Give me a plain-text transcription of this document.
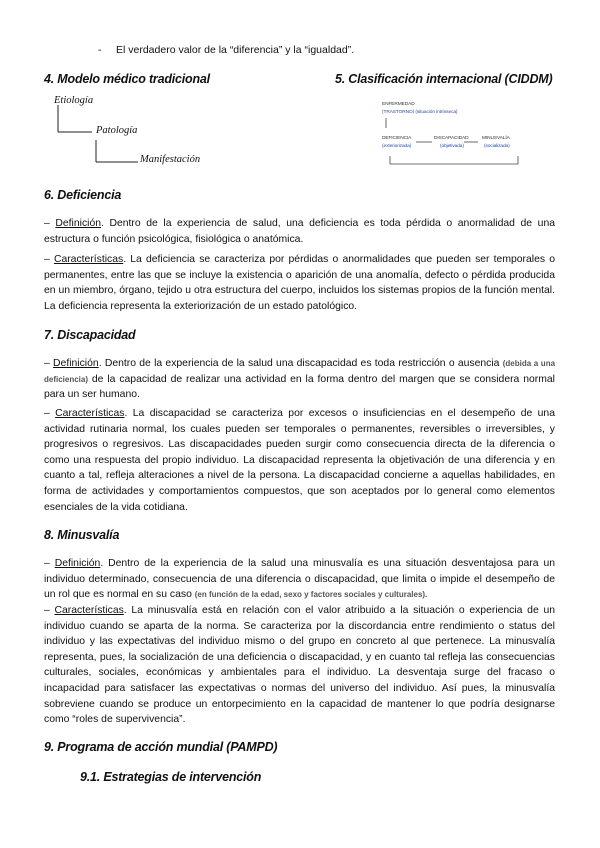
- El verdadero valor de la “diferencia” y la “igualdad”.
4. Modelo médico tradicional
Etiología
Patología
Manifestación
5. Clasificación internacional (CIDDM)
ENFERMEDAD
(TRASTORNO) (situación intrínseca)
DEFICIENCIA
(exteriorizada)
DISCAPACIDAD
(objetivada)
MINUSVALÍA
(socializada)
6. Deficiencia

– Definición. Dentro de la experiencia de salud, una deficiencia es toda pérdida o anormalidad de una estructura o función psicológica, fisiológica o anatómica.

– Características. La deficiencia se caracteriza por pérdidas o anormalidades que pueden ser temporales o permanentes, entre las que se incluye la existencia o aparición de una anomalía, defecto o pérdida producida en un miembro, órgano, tejido u otra estructura del cuerpo, incluidos los sistemas propios de la función mental. La deficiencia representa la exteriorización de un estado patológico.

7. Discapacidad

– Definición. Dentro de la experiencia de la salud una discapacidad es toda restricción o ausencia (debida a una deficiencia) de la capacidad de realizar una actividad en la forma dentro del margen que se considera normal para un ser humano.

– Características. La discapacidad se caracteriza por excesos o insuficiencias en el desempeño de una actividad rutinaria normal, los cuales pueden ser temporales o permanentes, reversibles o irreversibles, y progresivos o regresivos. Las discapacidades pueden surgir como consecuencia directa de la diferencia o como una respuesta del propio individuo. La discapacidad representa la objetivación de una diferencia y en cuanto a tal, refleja alteraciones a nivel de la persona. La discapacidad concierne a aquellas habilidades, en forma de actividades y comportamientos compuestos, que son aceptados por lo general como elementos esenciales de la vida cotidiana.

8. Minusvalía

– Definición. Dentro de la experiencia de la salud una minusvalía es una situación desventajosa para un individuo determinado, consecuencia de una diferencia o discapacidad, que limita o impide el desempeño de un rol que es normal en su caso (en función de la edad, sexo y factores sociales y culturales).

– Características. La minusvalía está en relación con el valor atribuido a la situación o experiencia de un individuo cuando se aparta de la norma. Se caracteriza por la discordancia entre rendimiento o status del individuo y las expectativas del individuo mismo o del grupo en concreto al que pertenece. La minusvalía representa, pues, la socialización de una deficiencia o discapacidad, y en cuanto tal refleja las consecuencias culturales, sociales, económicas y ambientales para el individuo. La desventaja surge del fracaso o incapacidad para satisfacer las expectativas o normas del universo del individuo. Así pues, la minusvalía sobreviene cuando se produce un entorpecimiento en la capacidad de mantener lo que podría designarse como “roles de supervivencia”.

9. Programa de acción mundial (PAMPD)
9.1. Estrategias de intervención
